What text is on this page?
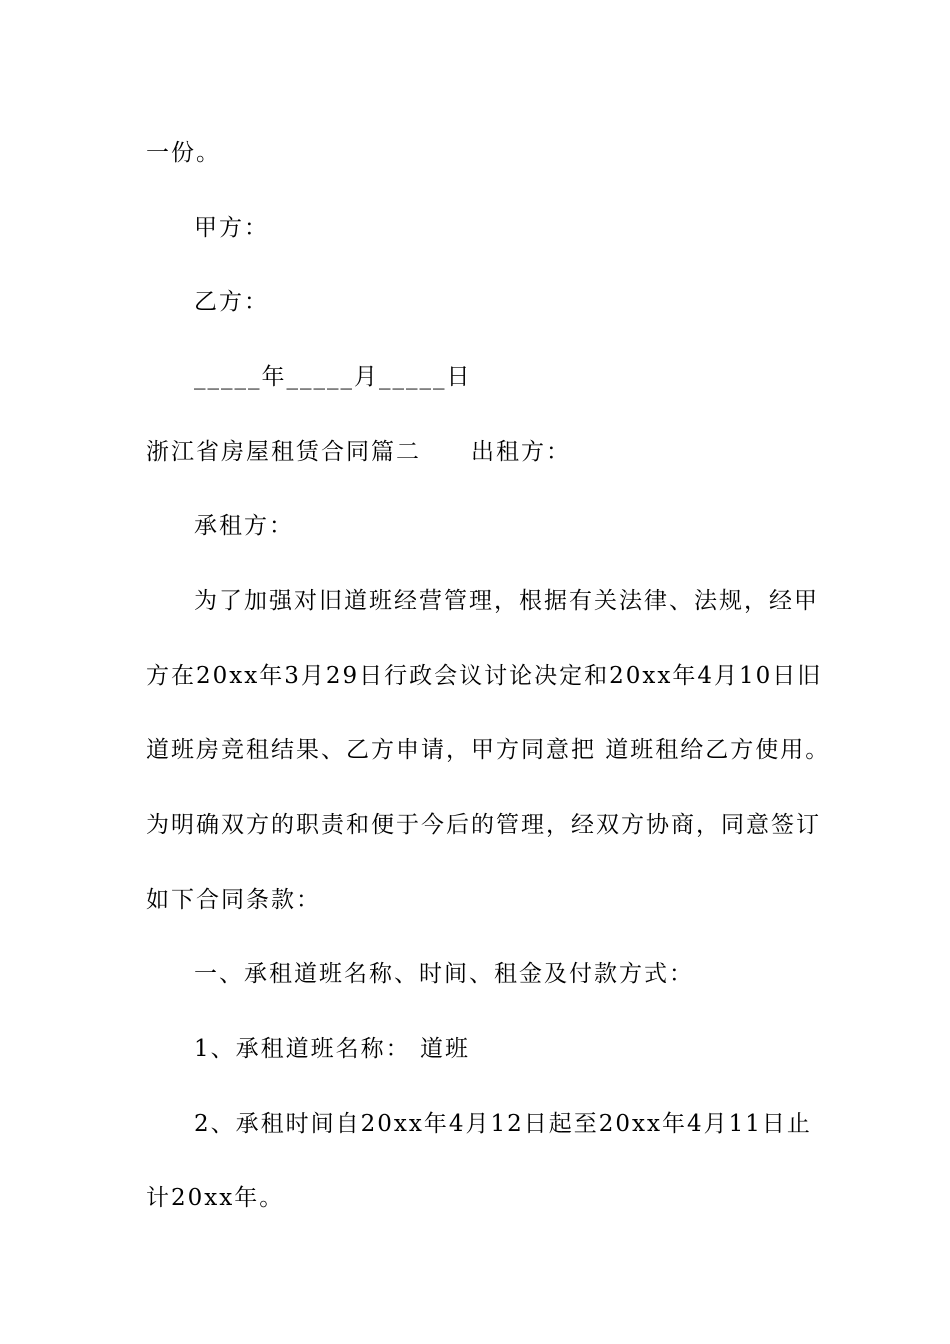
一份。
甲方：
乙方：
_____年_____月_____日
浙江省房屋租赁合同篇二 出租方：
承租方：
为了加强对旧道班经营管理，根据有关法律、法规，经甲
方在20xx年3月29日行政会议讨论决定和20xx年4月10日旧
道班房竞租结果、乙方申请，甲方同意把 道班租给乙方使用。
为明确双方的职责和便于今后的管理，经双方协商，同意签订
如下合同条款：
一、承租道班名称、时间、租金及付款方式：
1、承租道班名称： 道班
2、承租时间自20xx年4月12日起至20xx年4月11日止
计20xx年。
